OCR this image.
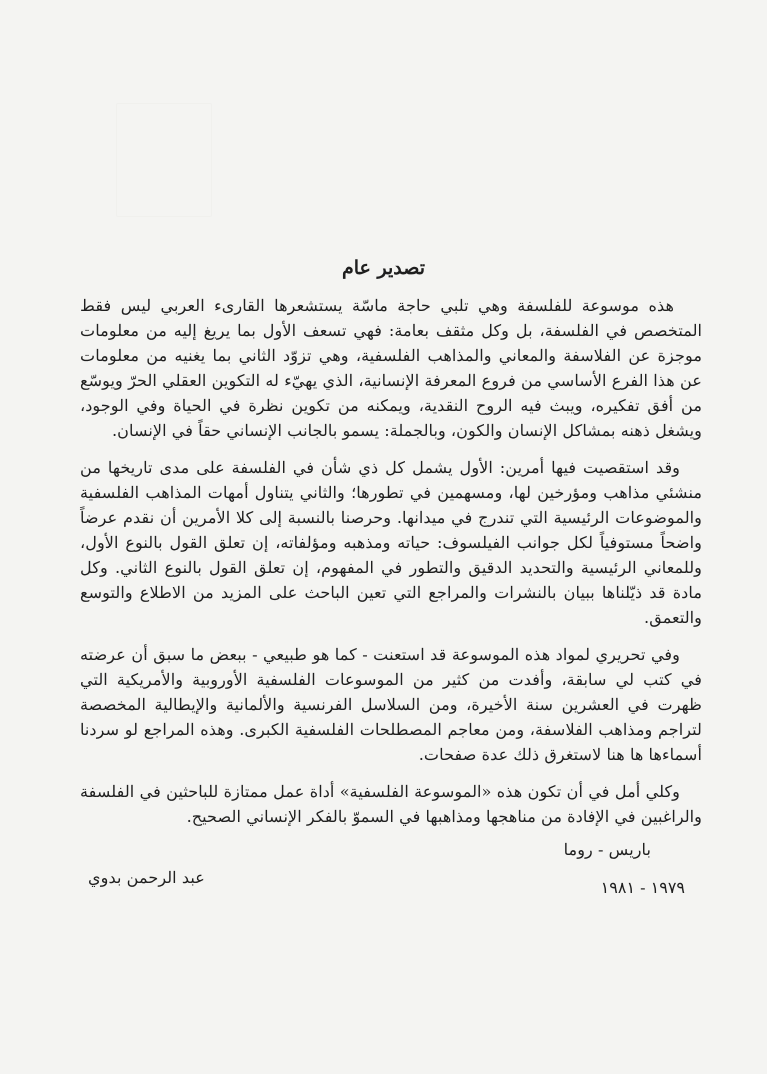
تصدير عام

هذه موسوعة للفلسفة وهي تلبي حاجة ماسّة يستشعرها القارىء العربي ليس فقط المتخصص في الفلسفة، بل وكل مثقف بعامة: فهي تسعف الأول بما يريغ إليه من معلومات موجزة عن الفلاسفة والمعاني والمذاهب الفلسفية، وهي تزوّد الثاني بما يغنيه من معلومات عن هذا الفرع الأساسي من فروع المعرفة الإنسانية، الذي يهيّء له التكوين العقلي الحرّ ويوسّع من أفق تفكيره، ويبث فيه الروح النقدية، ويمكنه من تكوين نظرة في الحياة وفي الوجود، ويشغل ذهنه بمشاكل الإنسان والكون، وبالجملة: يسمو بالجانب الإنساني حقاً في الإنسان.

وقد استقصيت فيها أمرين: الأول يشمل كل ذي شأن في الفلسفة على مدى تاريخها من منشئي مذاهب ومؤرخين لها، ومسهمين في تطورها؛ والثاني يتناول أمهات المذاهب الفلسفية والموضوعات الرئيسية التي تندرج في ميدانها. وحرصنا بالنسبة إلى كلا الأمرين أن نقدم عرضاً واضحاً مستوفياً لكل جوانب الفيلسوف: حياته ومذهبه ومؤلفاته، إن تعلق القول بالنوع الأول، وللمعاني الرئيسية والتحديد الدقيق والتطور في المفهوم، إن تعلق القول بالنوع الثاني. وكل مادة قد ذيّلناها ببيان بالنشرات والمراجع التي تعين الباحث على المزيد من الاطلاع والتوسع والتعمق.

وفي تحريري لمواد هذه الموسوعة قد استعنت - كما هو طبيعي - ببعض ما سبق أن عرضته في كتب لي سابقة، وأفدت من كثير من الموسوعات الفلسفية الأوروبية والأمريكية التي ظهرت في العشرين سنة الأخيرة، ومن السلاسل الفرنسية والألمانية والإيطالية المخصصة لتراجم ومذاهب الفلاسفة، ومن معاجم المصطلحات الفلسفية الكبرى. وهذه المراجع لو سردنا أسماءها ها هنا لاستغرق ذلك عدة صفحات.

وكلي أمل في أن تكون هذه «الموسوعة الفلسفية» أداة عمل ممتازة للباحثين في الفلسفة والراغبين في الإفادة من مناهجها ومذاهبها في السموّ بالفكر الإنساني الصحيح.

باريس - روما
عبد الرحمن بدوي
١٩٧٩ - ١٩٨١
